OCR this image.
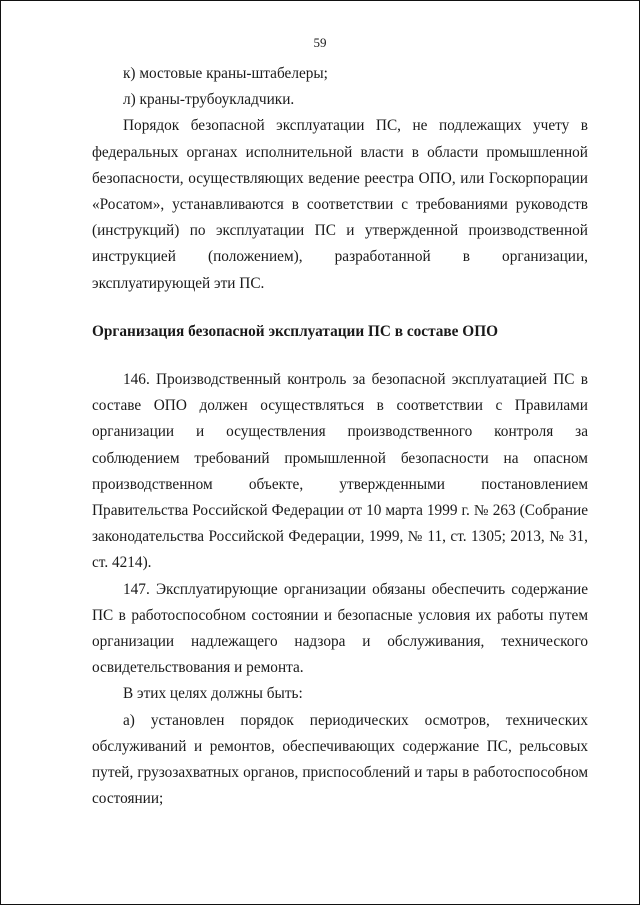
59

к) мостовые краны-штабелеры;

л) краны-трубоукладчики.

Порядок безопасной эксплуатации ПС, не подлежащих учету в федеральных органах исполнительной власти в области промышленной безопасности, осуществляющих ведение реестра ОПО, или Госкорпорации «Росатом», устанавливаются в соответствии с требованиями руководств (инструкций) по эксплуатации ПС и утвержденной производственной инструкцией (положением), разработанной в организации, эксплуатирующей эти ПС.

Организация безопасной эксплуатации ПС в составе ОПО

146. Производственный контроль за безопасной эксплуатацией ПС в составе ОПО должен осуществляться в соответствии с Правилами организации и осуществления производственного контроля за соблюдением требований промышленной безопасности на опасном производственном объекте, утвержденными постановлением Правительства Российской Федерации от 10 марта 1999 г. № 263 (Собрание законодательства Российской Федерации, 1999, № 11, ст. 1305; 2013, № 31, ст. 4214).

147. Эксплуатирующие организации обязаны обеспечить содержание ПС в работоспособном состоянии и безопасные условия их работы путем организации надлежащего надзора и обслуживания, технического освидетельствования и ремонта.

В этих целях должны быть:

а) установлен порядок периодических осмотров, технических обслуживаний и ремонтов, обеспечивающих содержание ПС, рельсовых путей, грузозахватных органов, приспособлений и тары в работоспособном состоянии;
